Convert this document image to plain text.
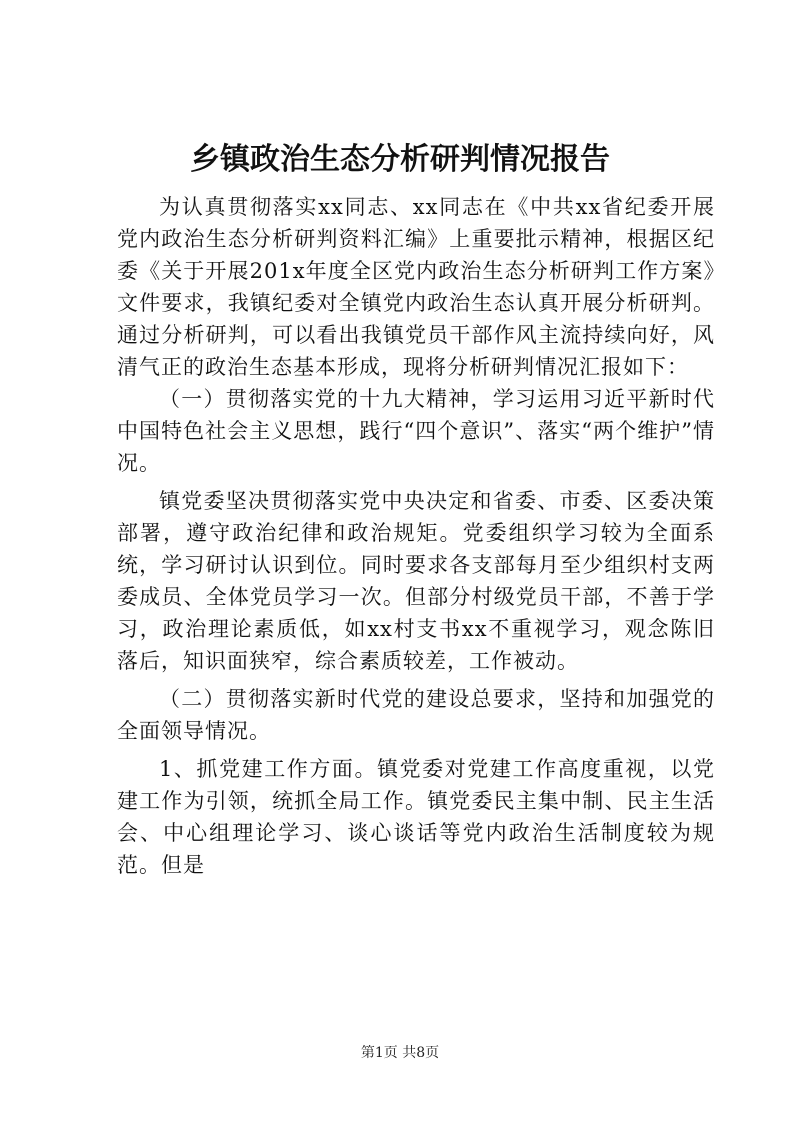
乡镇政治生态分析研判情况报告

为认真贯彻落实xx同志、xx同志在《中共xx省纪委开展党内政治生态分析研判资料汇编》上重要批示精神，根据区纪委《关于开展201x年度全区党内政治生态分析研判工作方案》文件要求，我镇纪委对全镇党内政治生态认真开展分析研判。通过分析研判，可以看出我镇党员干部作风主流持续向好，风清气正的政治生态基本形成，现将分析研判情况汇报如下：

（一）贯彻落实党的十九大精神，学习运用习近平新时代中国特色社会主义思想，践行“四个意识”、落实“两个维护”情况。

镇党委坚决贯彻落实党中央决定和省委、市委、区委决策部署，遵守政治纪律和政治规矩。党委组织学习较为全面系统，学习研讨认识到位。同时要求各支部每月至少组织村支两委成员、全体党员学习一次。但部分村级党员干部，不善于学习，政治理论素质低，如xx村支书xx不重视学习，观念陈旧落后，知识面狭窄，综合素质较差，工作被动。

（二）贯彻落实新时代党的建设总要求，坚持和加强党的全面领导情况。

1、抓党建工作方面。镇党委对党建工作高度重视，以党建工作为引领，统抓全局工作。镇党委民主集中制、民主生活会、中心组理论学习、谈心谈话等党内政治生活制度较为规范。但是

第1页 共8页
